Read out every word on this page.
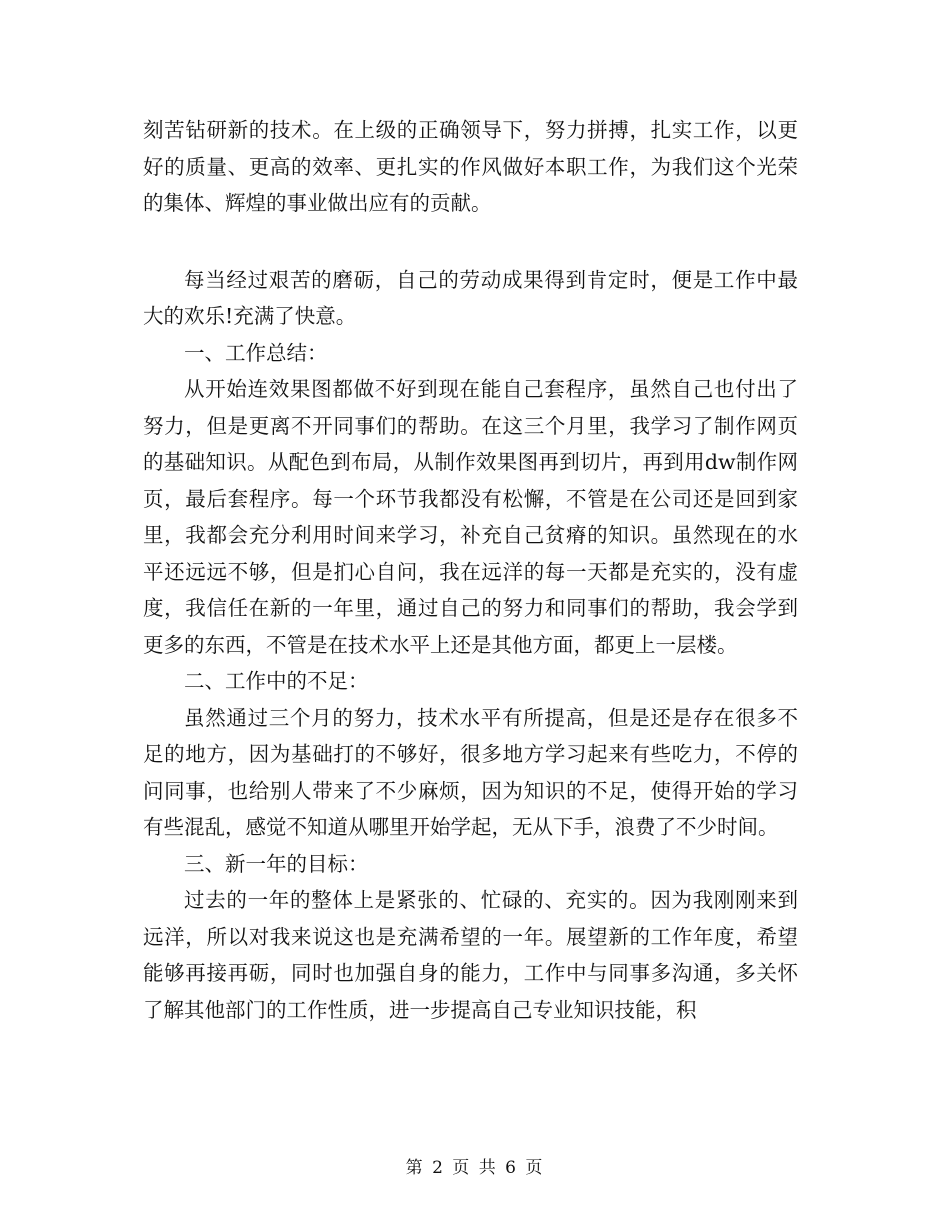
刻苦钻研新的技术。在上级的正确领导下，努力拼搏，扎实工作，以更好的质量、更高的效率、更扎实的作风做好本职工作，为我们这个光荣的集体、辉煌的事业做出应有的贡献。

每当经过艰苦的磨砺，自己的劳动成果得到肯定时，便是工作中最大的欢乐!充满了快意。

一、工作总结：

从开始连效果图都做不好到现在能自己套程序，虽然自己也付出了努力，但是更离不开同事们的帮助。在这三个月里，我学习了制作网页的基础知识。从配色到布局，从制作效果图再到切片，再到用dw制作网页，最后套程序。每一个环节我都没有松懈，不管是在公司还是回到家里，我都会充分利用时间来学习，补充自己贫瘠的知识。虽然现在的水平还远远不够，但是扪心自问，我在远洋的每一天都是充实的，没有虚度，我信任在新的一年里，通过自己的努力和同事们的帮助，我会学到更多的东西，不管是在技术水平上还是其他方面，都更上一层楼。

二、工作中的不足：

虽然通过三个月的努力，技术水平有所提高，但是还是存在很多不足的地方，因为基础打的不够好，很多地方学习起来有些吃力，不停的问同事，也给别人带来了不少麻烦，因为知识的不足，使得开始的学习有些混乱，感觉不知道从哪里开始学起，无从下手，浪费了不少时间。

三、新一年的目标：

过去的一年的整体上是紧张的、忙碌的、充实的。因为我刚刚来到远洋，所以对我来说这也是充满希望的一年。展望新的工作年度，希望能够再接再砺，同时也加强自身的能力，工作中与同事多沟通，多关怀了解其他部门的工作性质，进一步提高自己专业知识技能，积

第 2 页 共 6 页
